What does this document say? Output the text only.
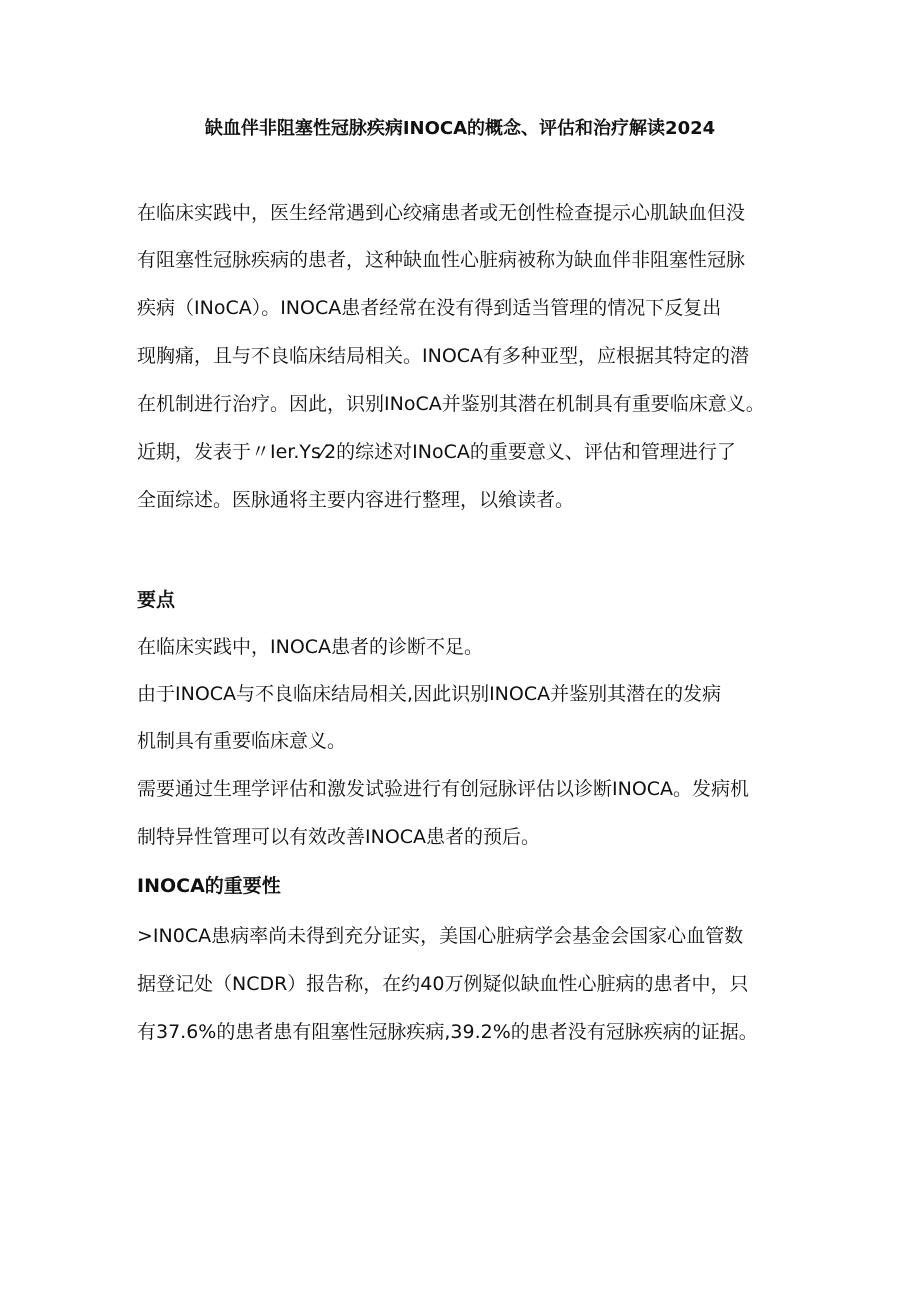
缺血伴非阻塞性冠脉疾病INOCA的概念、评估和治疗解读2024
在临床实践中，医生经常遇到心绞痛患者或无创性检查提示心肌缺血但没
有阻塞性冠脉疾病的患者，这种缺血性心脏病被称为缺血伴非阻塞性冠脉
疾病（INoCA）。INOCA患者经常在没有得到适当管理的情况下反复出
现胸痛，且与不良临床结局相关。INOCA有多种亚型，应根据其特定的潜
在机制进行治疗。因此，识别INoCA并鉴别其潜在机制具有重要临床意义。
近期，发表于〃Ier.Ys⁄2的综述对INoCA的重要意义、评估和管理进行了
全面综述。医脉通将主要内容进行整理，以飨读者。
要点
在临床实践中，INOCA患者的诊断不足。
由于INOCA与不良临床结局相关,因此识别INOCA并鉴别其潜在的发病
机制具有重要临床意义。
需要通过生理学评估和激发试验进行有创冠脉评估以诊断INOCA。发病机
制特异性管理可以有效改善INOCA患者的预后。
INOCA的重要性
>IN0CA患病率尚未得到充分证实，美国心脏病学会基金会国家心血管数
据登记处（NCDR）报告称，在约40万例疑似缺血性心脏病的患者中，只
有37.6%的患者患有阻塞性冠脉疾病,39.2%的患者没有冠脉疾病的证据。
